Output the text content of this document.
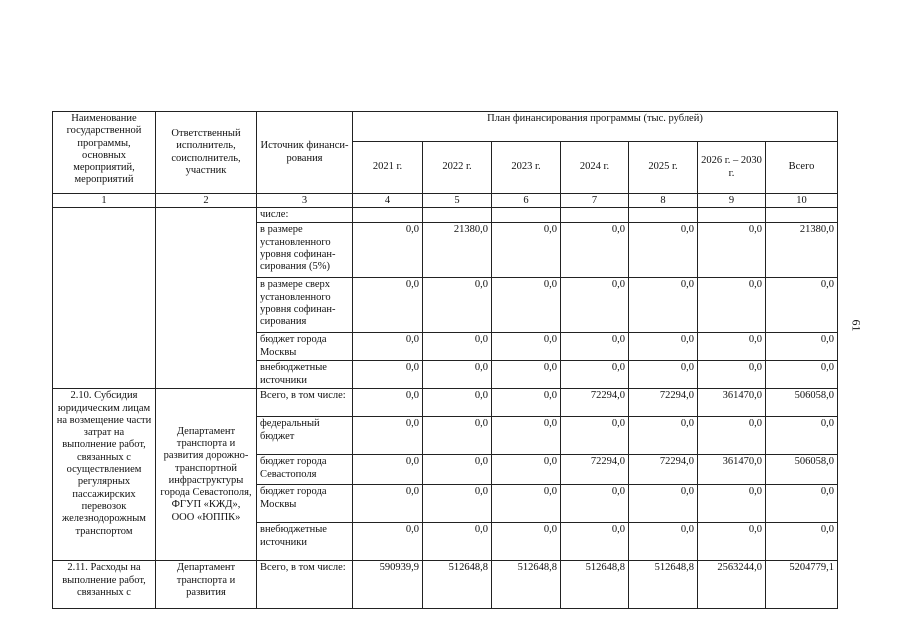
Наименование государственной программы, основных мероприятий, мероприятий	Ответственный исполнитель, соисполнитель, участник	Источник финанси-рования	План финансирования программы (тыс. рублей)						
			2021 г.	2022 г.	2023 г.	2024 г.	2025 г.	2026 г. – 2030 г.	Всего
1	2	3	4	5	6	7	8	9	10
		числе:							
		в размере установленного уровня софинан-сирования (5%)	0,0	21380,0	0,0	0,0	0,0	0,0	21380,0
		в размере сверх установленного уровня софинан-сирования	0,0	0,0	0,0	0,0	0,0	0,0	0,0
		бюджет города Москвы	0,0	0,0	0,0	0,0	0,0	0,0	0,0
		внебюджетные источники	0,0	0,0	0,0	0,0	0,0	0,0	0,0
2.10. Субсидия юридическим лицам на возмещение части затрат на выполнение работ, связанных с осуществлением регулярных пассажирских перевозок железнодорожным транспортом	Департамент транспорта и развития дорожно-транспортной инфраструктуры города Севастополя, ФГУП «КЖД», ООО «ЮППК»	Всего, в том числе:	0,0	0,0	0,0	72294,0	72294,0	361470,0	506058,0
		федеральный бюджет	0,0	0,0	0,0	0,0	0,0	0,0	0,0
		бюджет города Севастополя	0,0	0,0	0,0	72294,0	72294,0	361470,0	506058,0
		бюджет города Москвы	0,0	0,0	0,0	0,0	0,0	0,0	0,0
		внебюджетные источники	0,0	0,0	0,0	0,0	0,0	0,0	0,0
2.11. Расходы на выполнение работ, связанных с	Департамент транспорта и развития	Всего, в том числе:	590939,9	512648,8	512648,8	512648,8	512648,8	2563244,0	5204779,1
61
